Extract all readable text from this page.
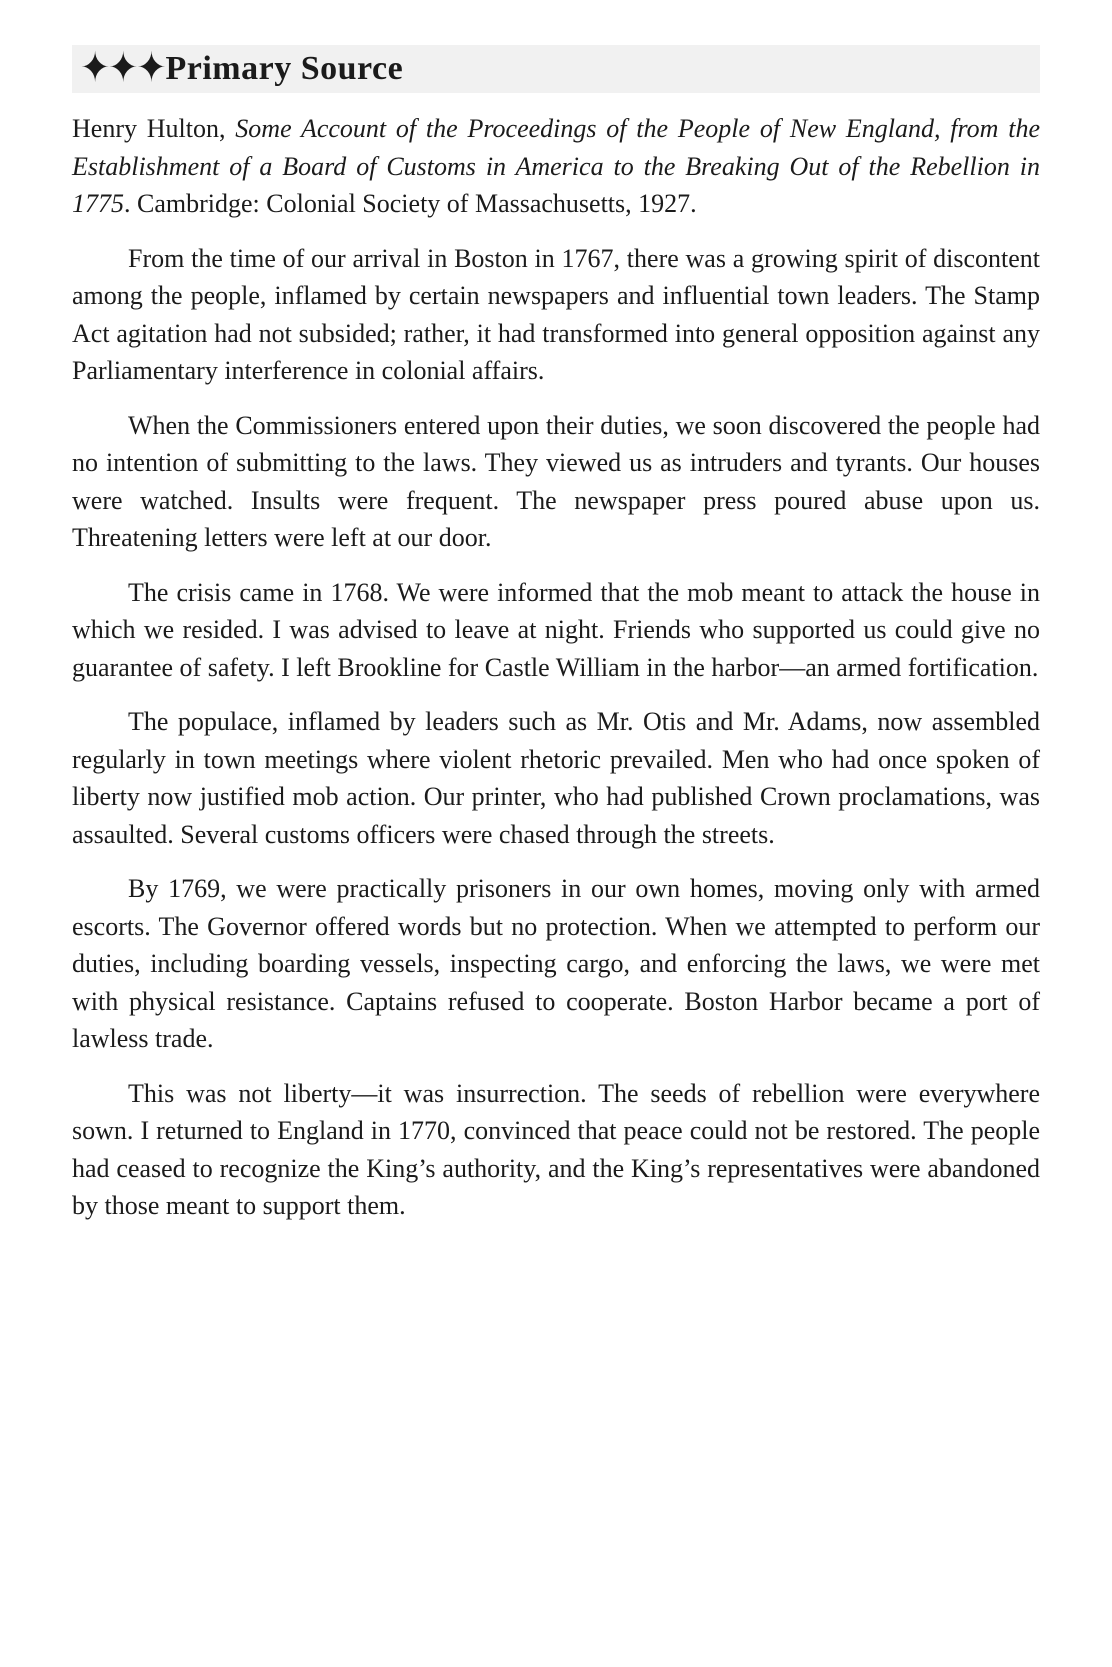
✦✦✦ Primary Source

Henry Hulton, Some Account of the Proceedings of the People of New England, from the Establishment of a Board of Customs in America to the Breaking Out of the Rebellion in 1775. Cambridge: Colonial Society of Massachusetts, 1927.

From the time of our arrival in Boston in 1767, there was a growing spirit of discontent among the people, inflamed by certain newspapers and influential town leaders. The Stamp Act agitation had not subsided; rather, it had transformed into general opposition against any Parliamentary interference in colonial affairs.

When the Commissioners entered upon their duties, we soon discovered the people had no intention of submitting to the laws. They viewed us as intruders and tyrants. Our houses were watched. Insults were frequent. The newspaper press poured abuse upon us. Threatening letters were left at our door.

The crisis came in 1768. We were informed that the mob meant to attack the house in which we resided. I was advised to leave at night. Friends who supported us could give no guarantee of safety. I left Brookline for Castle William in the harbor—an armed fortification.

The populace, inflamed by leaders such as Mr. Otis and Mr. Adams, now assembled regularly in town meetings where violent rhetoric prevailed. Men who had once spoken of liberty now justified mob action. Our printer, who had published Crown proclamations, was assaulted. Several customs officers were chased through the streets.

By 1769, we were practically prisoners in our own homes, moving only with armed escorts. The Governor offered words but no protection. When we attempted to perform our duties, including boarding vessels, inspecting cargo, and enforcing the laws, we were met with physical resistance. Captains refused to cooperate. Boston Harbor became a port of lawless trade.

This was not liberty—it was insurrection. The seeds of rebellion were everywhere sown. I returned to England in 1770, convinced that peace could not be restored. The people had ceased to recognize the King’s authority, and the King’s representatives were abandoned by those meant to support them.
